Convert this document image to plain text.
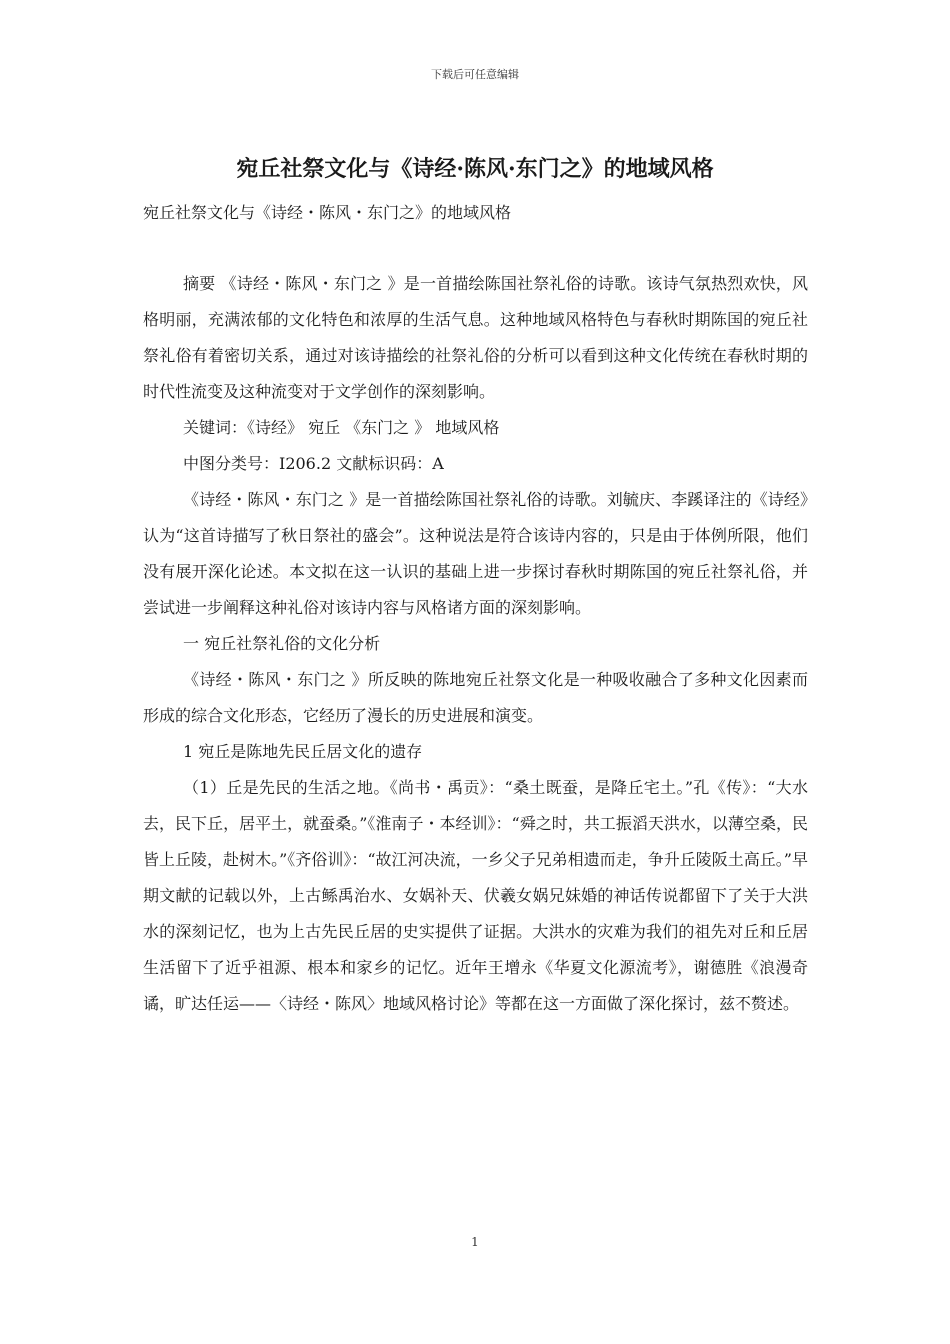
下载后可任意编辑
宛丘社祭文化与《诗经·陈风·东门之》的地域风格
宛丘社祭文化与《诗经・陈风・东门之》的地域风格

摘要 《诗经・陈风・东门之 》是一首描绘陈国社祭礼俗的诗歌。该诗气氛热烈欢快，风格明丽，充满浓郁的文化特色和浓厚的生活气息。这种地域风格特色与春秋时期陈国的宛丘社祭礼俗有着密切关系，通过对该诗描绘的社祭礼俗的分析可以看到这种文化传统在春秋时期的时代性流变及这种流变对于文学创作的深刻影响。

关键词：《诗经》 宛丘 《东门之 》 地域风格

中图分类号：I206.2 文献标识码：A

《诗经・陈风・东门之 》是一首描绘陈国社祭礼俗的诗歌。刘毓庆、李蹊译注的《诗经》认为“这首诗描写了秋日祭社的盛会”。这种说法是符合该诗内容的，只是由于体例所限，他们没有展开深化论述。本文拟在这一认识的基础上进一步探讨春秋时期陈国的宛丘社祭礼俗，并尝试进一步阐释这种礼俗对该诗内容与风格诸方面的深刻影响。

一 宛丘社祭礼俗的文化分析

《诗经・陈风・东门之 》所反映的陈地宛丘社祭文化是一种吸收融合了多种文化因素而形成的综合文化形态，它经历了漫长的历史进展和演变。

1 宛丘是陈地先民丘居文化的遗存

（1）丘是先民的生活之地。《尚书・禹贡》：“桑土既蚕，是降丘宅土。”孔《传》：“大水去，民下丘，居平土，就蚕桑。”《淮南子・本经训》：“舜之时，共工振滔天洪水，以薄空桑，民皆上丘陵，赴树木。”《齐俗训》：“故江河决流，一乡父子兄弟相遗而走，争升丘陵阪土高丘。”早期文献的记载以外，上古鲧禹治水、女娲补天、伏羲女娲兄妹婚的神话传说都留下了关于大洪水的深刻记忆，也为上古先民丘居的史实提供了证据。大洪水的灾难为我们的祖先对丘和丘居生活留下了近乎祖源、根本和家乡的记忆。近年王增永《华夏文化源流考》，谢德胜《浪漫奇谲，旷达任运——〈诗经・陈风〉地域风格讨论》等都在这一方面做了深化探讨，兹不赘述。

1
